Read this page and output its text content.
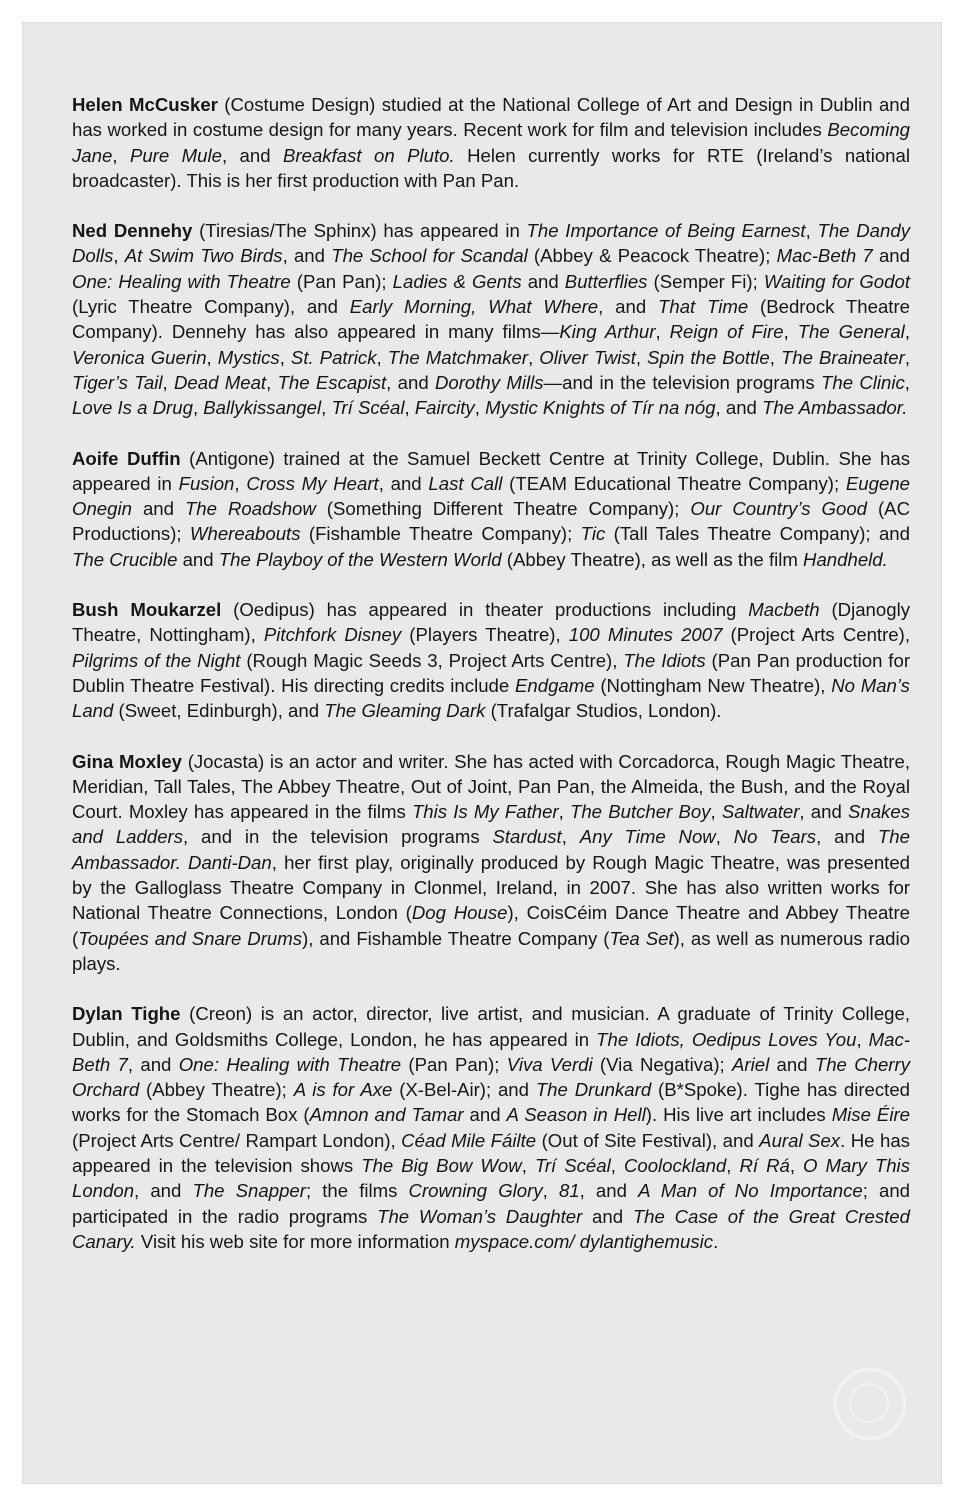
Helen McCusker (Costume Design) studied at the National College of Art and Design in Dublin and has worked in costume design for many years. Recent work for film and television includes Becoming Jane, Pure Mule, and Breakfast on Pluto. Helen currently works for RTE (Ireland’s national broadcaster). This is her first production with Pan Pan.

Ned Dennehy (Tiresias/The Sphinx) has appeared in The Importance of Being Earnest, The Dandy Dolls, At Swim Two Birds, and The School for Scandal (Abbey & Peacock Theatre); Mac-Beth 7 and One: Healing with Theatre (Pan Pan); Ladies & Gents and Butterflies (Semper Fi); Waiting for Godot (Lyric Theatre Company), and Early Morning, What Where, and That Time (Bedrock Theatre Company). Dennehy has also appeared in many films—King Arthur, Reign of Fire, The General, Veronica Guerin, Mystics, St. Patrick, The Matchmaker, Oliver Twist, Spin the Bottle, The Braineater, Tiger’s Tail, Dead Meat, The Escapist, and Dorothy Mills—and in the television programs The Clinic, Love Is a Drug, Ballykissangel, Trí Scéal, Faircity, Mystic Knights of Tír na nóg, and The Ambassador.

Aoife Duffin (Antigone) trained at the Samuel Beckett Centre at Trinity College, Dublin. She has appeared in Fusion, Cross My Heart, and Last Call (TEAM Educational Theatre Company); Eugene Onegin and The Roadshow (Something Different Theatre Company); Our Country’s Good (AC Productions); Whereabouts (Fishamble Theatre Company); Tic (Tall Tales Theatre Company); and The Crucible and The Playboy of the Western World (Abbey Theatre), as well as the film Handheld.

Bush Moukarzel (Oedipus) has appeared in theater productions including Macbeth (Djanogly Theatre, Nottingham), Pitchfork Disney (Players Theatre), 100 Minutes 2007 (Project Arts Centre), Pilgrims of the Night (Rough Magic Seeds 3, Project Arts Centre), The Idiots (Pan Pan production for Dublin Theatre Festival). His directing credits include Endgame (Nottingham New Theatre), No Man’s Land (Sweet, Edinburgh), and The Gleaming Dark (Trafalgar Studios, London).

Gina Moxley (Jocasta) is an actor and writer. She has acted with Corcadorca, Rough Magic Theatre, Meridian, Tall Tales, The Abbey Theatre, Out of Joint, Pan Pan, the Almeida, the Bush, and the Royal Court. Moxley has appeared in the films This Is My Father, The Butcher Boy, Saltwater, and Snakes and Ladders, and in the television programs Stardust, Any Time Now, No Tears, and The Ambassador. Danti-Dan, her first play, originally produced by Rough Magic Theatre, was presented by the Galloglass Theatre Company in Clonmel, Ireland, in 2007. She has also written works for National Theatre Connections, London (Dog House), CoisCéim Dance Theatre and Abbey Theatre (Toupées and Snare Drums), and Fishamble Theatre Company (Tea Set), as well as numerous radio plays.

Dylan Tighe (Creon) is an actor, director, live artist, and musician. A graduate of Trinity College, Dublin, and Goldsmiths College, London, he has appeared in The Idiots, Oedipus Loves You, Mac-Beth 7, and One: Healing with Theatre (Pan Pan); Viva Verdi (Via Negativa); Ariel and The Cherry Orchard (Abbey Theatre); A is for Axe (X-Bel-Air); and The Drunkard (B*Spoke). Tighe has directed works for the Stomach Box (Amnon and Tamar and A Season in Hell). His live art includes Mise Éire (Project Arts Centre/ Rampart London), Céad Mile Fáilte (Out of Site Festival), and Aural Sex. He has appeared in the television shows The Big Bow Wow, Trí Scéal, Coolockland, Rí Rá, O Mary This London, and The Snapper; the films Crowning Glory, 81, and A Man of No Importance; and participated in the radio programs The Woman’s Daughter and The Case of the Great Crested Canary. Visit his web site for more information myspace.com/ dylantighemusic.
